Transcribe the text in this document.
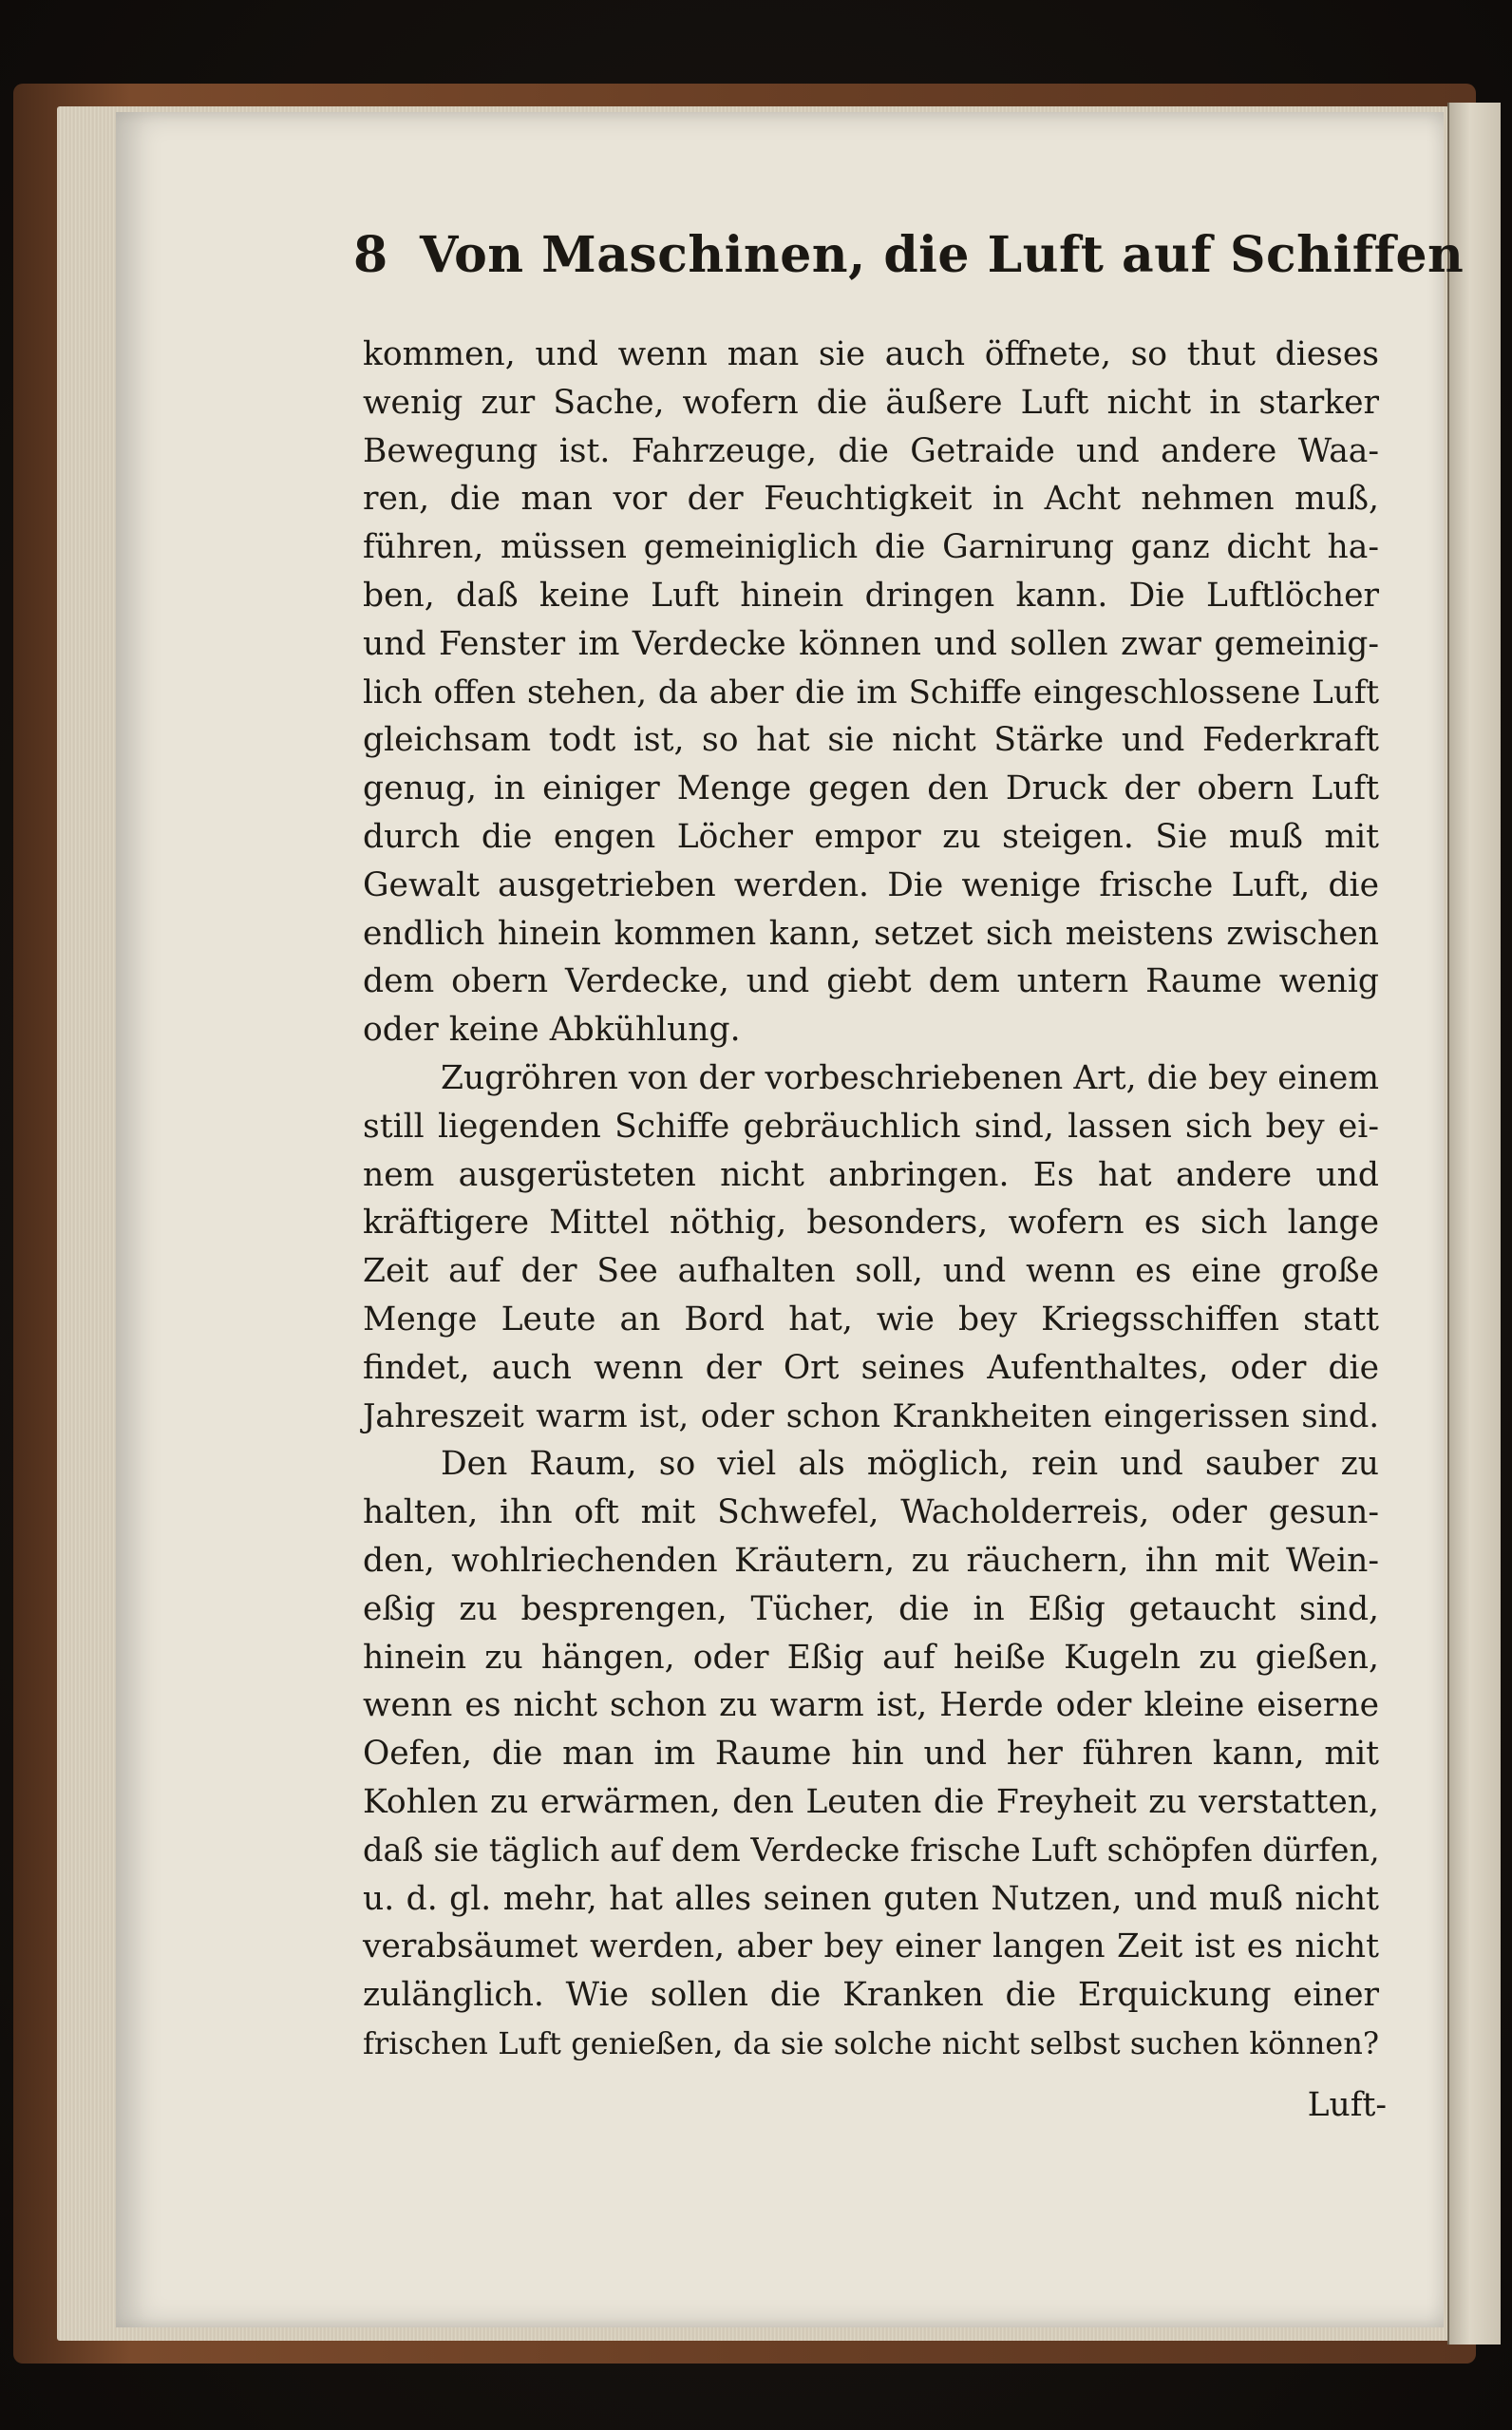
8 Von Maschinen, die Luft auf Schiffen
kommen, und wenn man sie auch öffnete, so thut dieses
wenig zur Sache, wofern die äußere Luft nicht in starker
Bewegung ist. Fahrzeuge, die Getraide und andere Waa-
ren, die man vor der Feuchtigkeit in Acht nehmen muß,
führen, müssen gemeiniglich die Garnirung ganz dicht ha-
ben, daß keine Luft hinein dringen kann. Die Luftlöcher
und Fenster im Verdecke können und sollen zwar gemeinig-
lich offen stehen, da aber die im Schiffe eingeschlossene Luft
gleichsam todt ist, so hat sie nicht Stärke und Federkraft
genug, in einiger Menge gegen den Druck der obern Luft
durch die engen Löcher empor zu steigen. Sie muß mit
Gewalt ausgetrieben werden. Die wenige frische Luft, die
endlich hinein kommen kann, setzet sich meistens zwischen
dem obern Verdecke, und giebt dem untern Raume wenig
oder keine Abkühlung.
Zugröhren von der vorbeschriebenen Art, die bey einem
still liegenden Schiffe gebräuchlich sind, lassen sich bey ei-
nem ausgerüsteten nicht anbringen. Es hat andere und
kräftigere Mittel nöthig, besonders, wofern es sich lange
Zeit auf der See aufhalten soll, und wenn es eine große
Menge Leute an Bord hat, wie bey Kriegsschiffen statt
findet, auch wenn der Ort seines Aufenthaltes, oder die
Jahreszeit warm ist, oder schon Krankheiten eingerissen sind.
Den Raum, so viel als möglich, rein und sauber zu
halten, ihn oft mit Schwefel, Wacholderreis, oder gesun-
den, wohlriechenden Kräutern, zu räuchern, ihn mit Wein-
eßig zu besprengen, Tücher, die in Eßig getaucht sind,
hinein zu hängen, oder Eßig auf heiße Kugeln zu gießen,
wenn es nicht schon zu warm ist, Herde oder kleine eiserne
Oefen, die man im Raume hin und her führen kann, mit
Kohlen zu erwärmen, den Leuten die Freyheit zu verstatten,
daß sie täglich auf dem Verdecke frische Luft schöpfen dürfen,
u. d. gl. mehr, hat alles seinen guten Nutzen, und muß nicht
verabsäumet werden, aber bey einer langen Zeit ist es nicht
zulänglich. Wie sollen die Kranken die Erquickung einer
frischen Luft genießen, da sie solche nicht selbst suchen können?
Luft-
